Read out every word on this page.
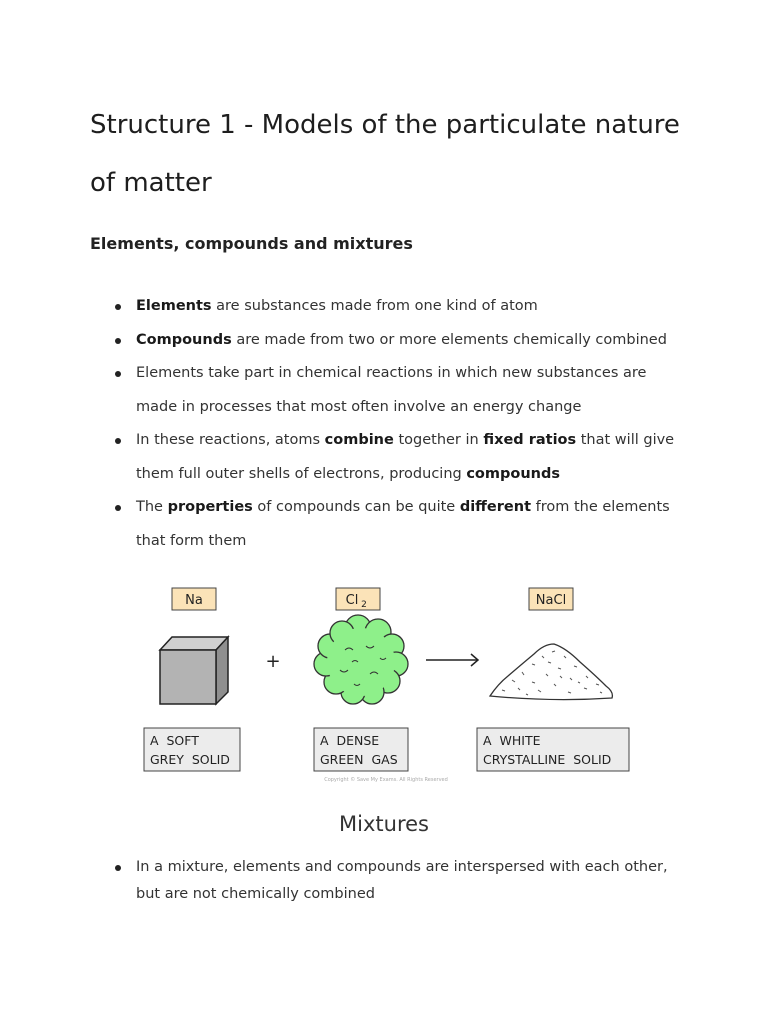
Structure 1 - Models of the particulate nature of matter
Elements, compounds and mixtures
Elements are substances made from one kind of atom
Compounds are made from two or more elements chemically combined
Elements take part in chemical reactions in which new substances are made in processes that most often involve an energy change
In these reactions, atoms combine together in fixed ratios that will give them full outer shells of electrons, producing compounds
The properties of compounds can be quite different from the elements that form them
Na	Cl 2	NaCl
+
A  SOFT
GREY  SOLID
A  DENSE
GREEN  GAS
A  WHITE
CRYSTALLINE  SOLID
Copyright © Save My Exams. All Rights Reserved
Mixtures
In a mixture, elements and compounds are interspersed with each other, but are not chemically combined
